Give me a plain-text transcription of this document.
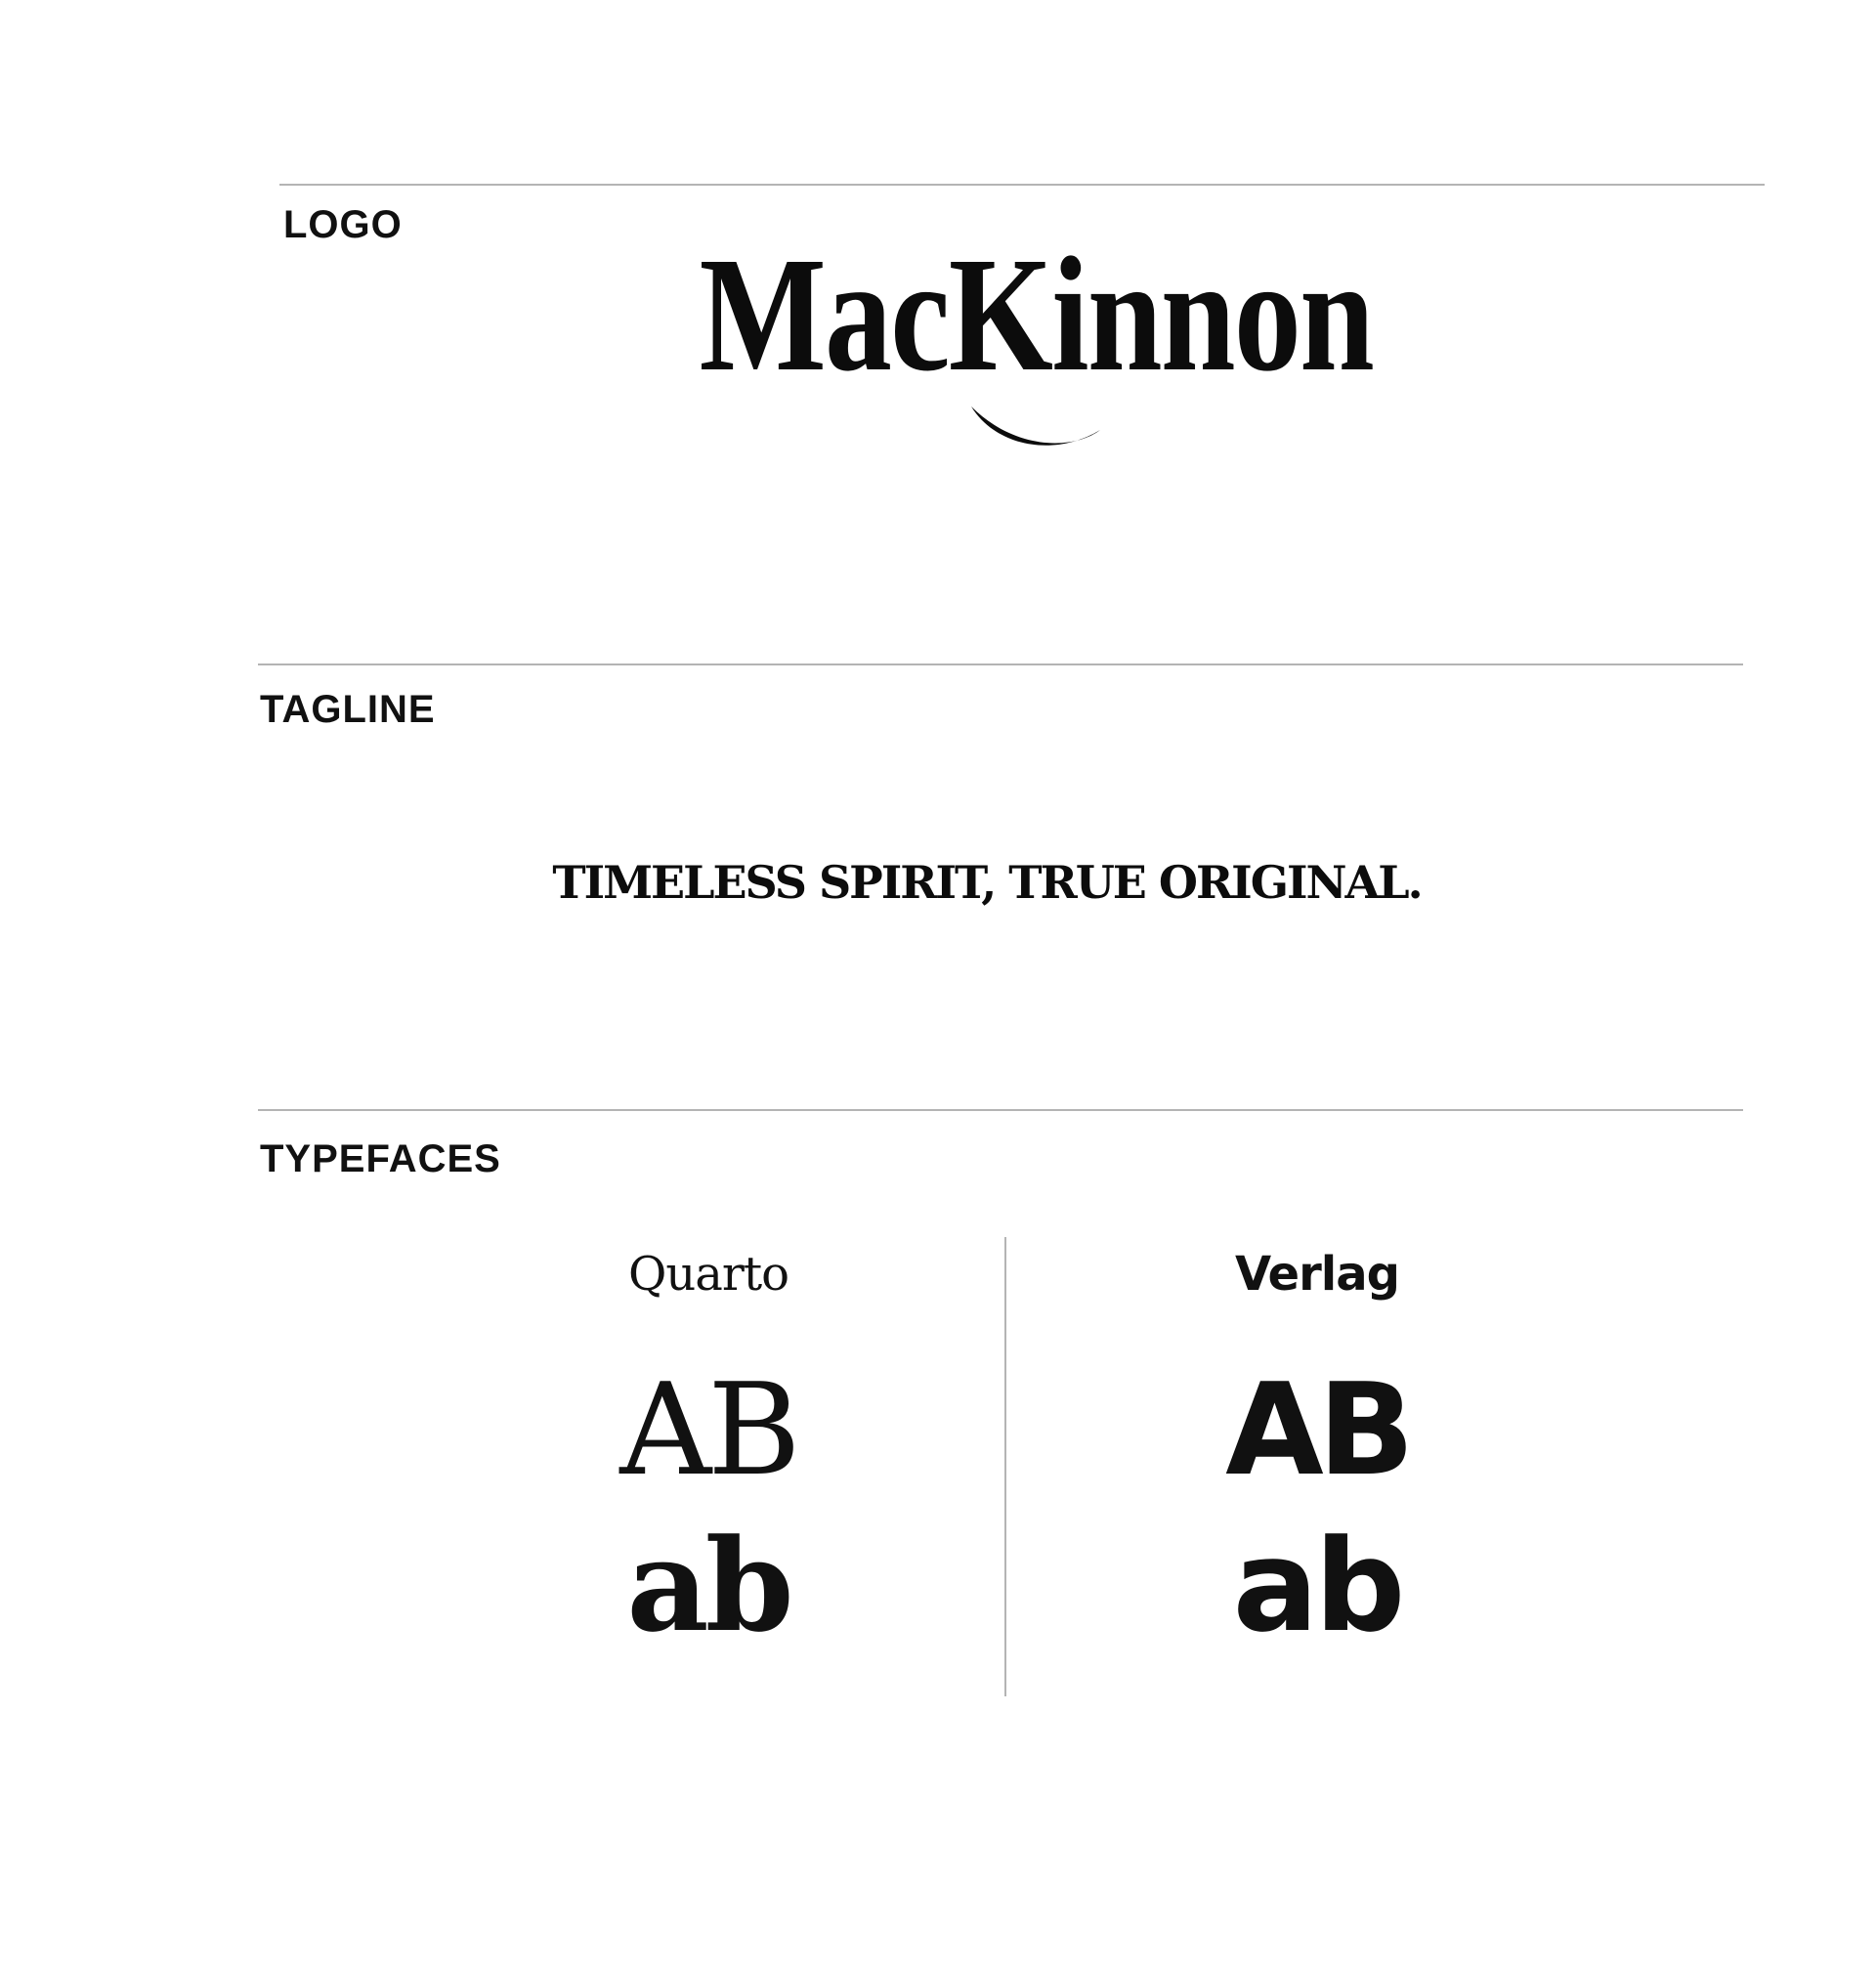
LOGO MacKinnon
TAGLINE

TIMELESS SPIRIT, TRUE ORIGINAL.

TYPEFACES
Quarto
AB
ab
Verlag
AB
ab
